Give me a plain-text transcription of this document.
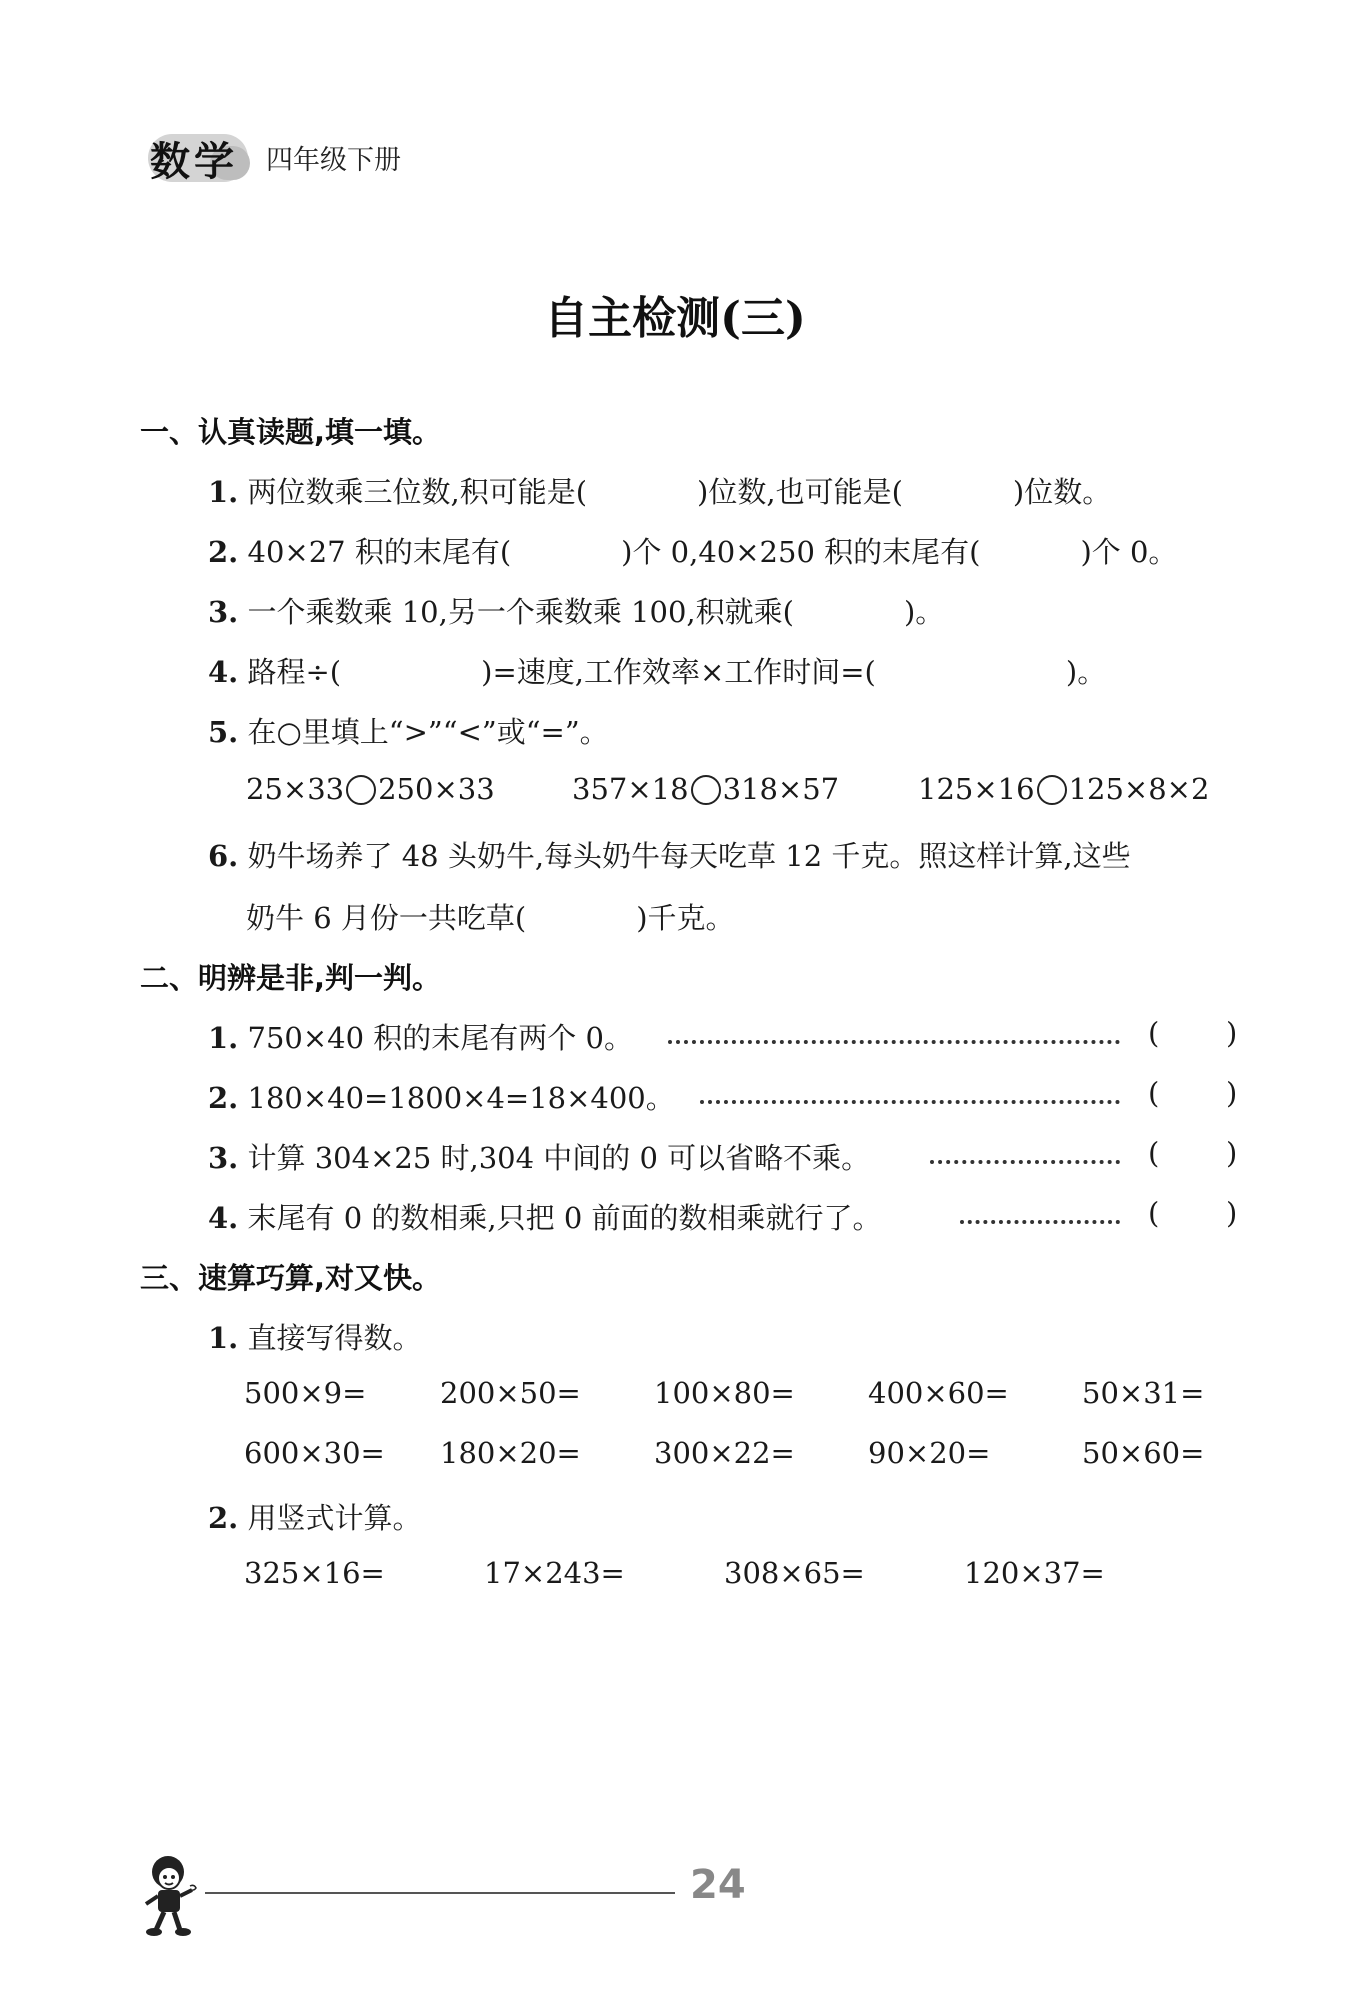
数学 四年级下册
自主检测(三)
一、认真读题,填一填。
1. 两位数乘三位数,积可能是(	)位数,也可能是(	)位数。
2. 40×27 积的末尾有(	)个 0,40×250 积的末尾有(	)个 0。
3. 一个乘数乘 10,另一个乘数乘 100,积就乘(	)。
4. 路程÷(	)=速度,工作效率×工作时间=(	)。
5. 在○里填上“>”“<”或“=”。
25×33 250×33	357×18 318×57	125×16 125×8×2
6. 奶牛场养了 48 头奶牛,每头奶牛每天吃草 12 千克。照这样计算,这些
奶牛 6 月份一共吃草(	)千克。
二、明辨是非,判一判。
1. 750×40 积的末尾有两个 0。	( )
2. 180×40=1800×4=18×400。	( )
3. 计算 304×25 时,304 中间的 0 可以省略不乘。	( )
4. 末尾有 0 的数相乘,只把 0 前面的数相乘就行了。	( )
三、速算巧算,对又快。
1. 直接写得数。
500×9=	200×50=	100×80=	400×60=	50×31=
600×30= 180×20=	300×22=	90×20=	50×60=
2. 用竖式计算。
325×16=	17×243=	308×65=	120×37=
24
